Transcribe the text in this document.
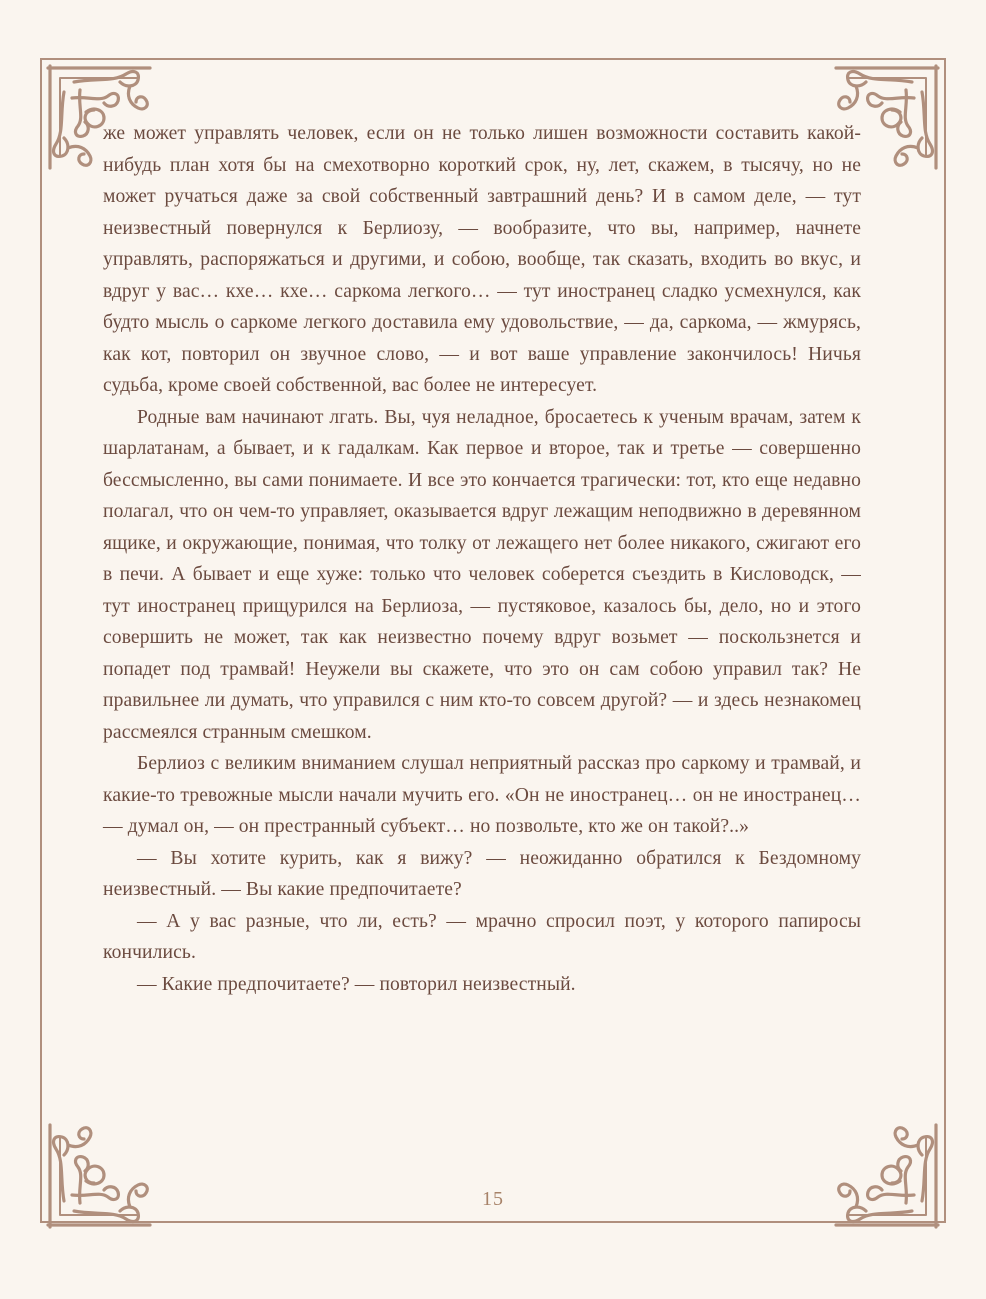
же может управлять человек, если он не только лишен возможности составить какой-нибудь план хотя бы на смехотворно короткий срок, ну, лет, скажем, в тысячу, но не может ручаться даже за свой собственный завтрашний день? И в самом деле, — тут неизвестный повернулся к Берлиозу, — вообразите, что вы, например, начнете управлять, распоряжаться и другими, и собою, вообще, так сказать, входить во вкус, и вдруг у вас… кхе… кхе… саркома легкого… — тут иностранец сладко усмехнулся, как будто мысль о саркоме легкого доставила ему удовольствие, — да, саркома, — жмурясь, как кот, повторил он звучное слово, — и вот ваше управление закончилось! Ничья судьба, кроме своей собственной, вас более не интересует.

Родные вам начинают лгать. Вы, чуя неладное, бросаетесь к ученым врачам, затем к шарлатанам, а бывает, и к гадалкам. Как первое и второе, так и третье — совершенно бессмысленно, вы сами понимаете. И все это кончается трагически: тот, кто еще недавно полагал, что он чем-то управляет, оказывается вдруг лежащим неподвижно в деревянном ящике, и окружающие, понимая, что толку от лежащего нет более никакого, сжигают его в печи. А бывает и еще хуже: только что человек соберется съездить в Кисловодск, — тут иностранец прищурился на Берлиоза, — пустяковое, казалось бы, дело, но и этого совершить не может, так как неизвестно почему вдруг возьмет — поскользнется и попадет под трамвай! Неужели вы скажете, что это он сам собою управил так? Не правильнее ли думать, что управился с ним кто-то совсем другой? — и здесь незнакомец рассмеялся странным смешком.

Берлиоз с великим вниманием слушал неприятный рассказ про саркому и трамвай, и какие-то тревожные мысли начали мучить его. «Он не иностранец… он не иностранец… — думал он, — он престранный субъект… но позвольте, кто же он такой?..»

— Вы хотите курить, как я вижу? — неожиданно обратился к Бездомному неизвестный. — Вы какие предпочитаете?

— А у вас разные, что ли, есть? — мрачно спросил поэт, у которого папиросы кончились.

— Какие предпочитаете? — повторил неизвестный.

15
